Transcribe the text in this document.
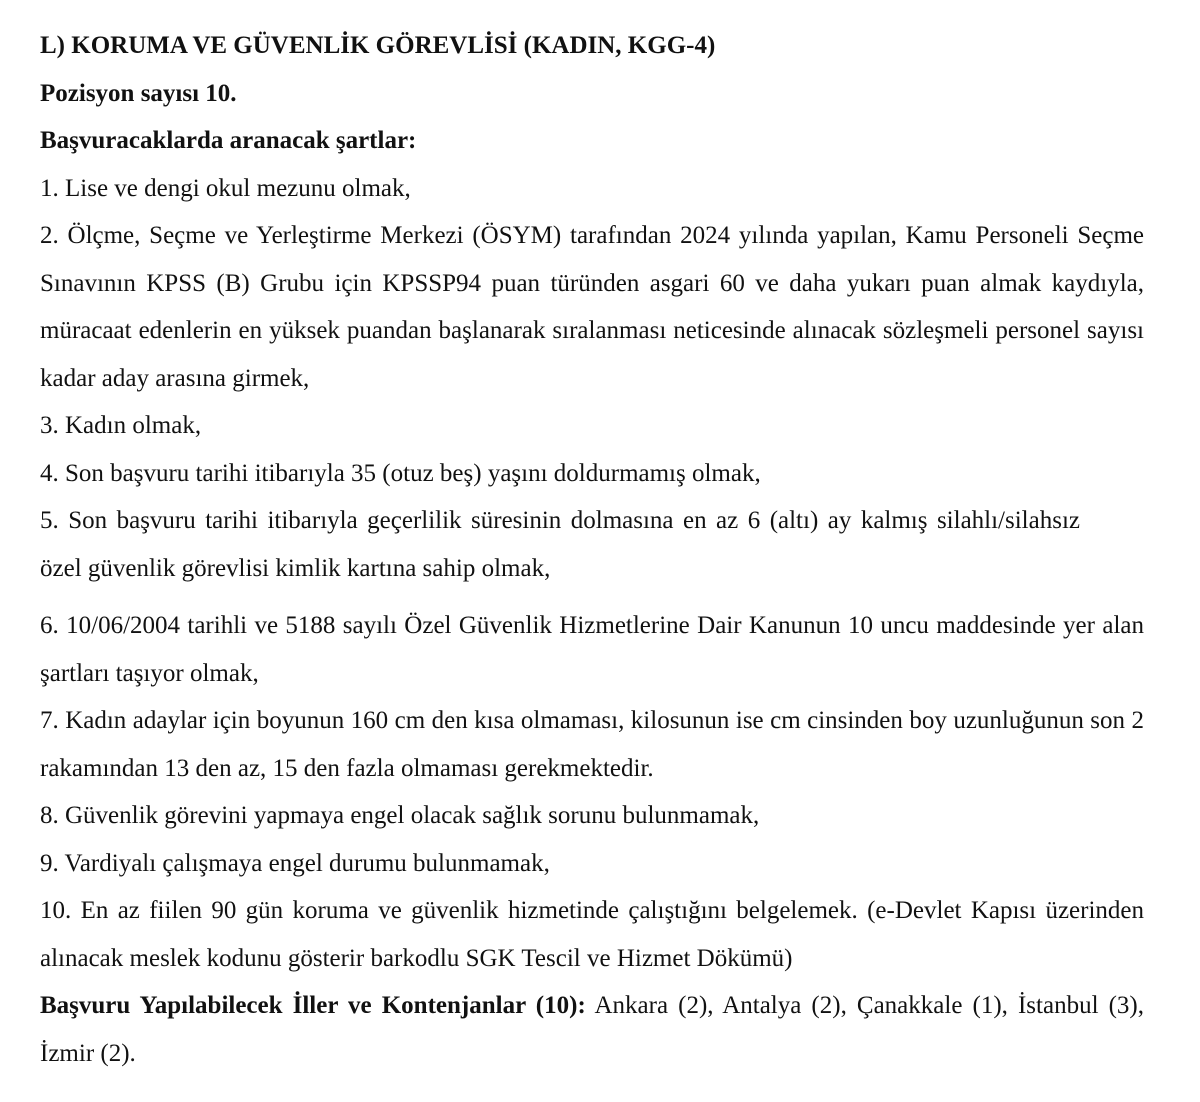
L) KORUMA VE GÜVENLİK GÖREVLİSİ (KADIN, KGG-4)

Pozisyon sayısı 10.

Başvuracaklarda aranacak şartlar:

1. Lise ve dengi okul mezunu olmak,

2. Ölçme, Seçme ve Yerleştirme Merkezi (ÖSYM) tarafından 2024 yılında yapılan, Kamu Personeli Seçme Sınavının KPSS (B) Grubu için KPSSP94 puan türünden asgari 60 ve daha yukarı puan almak kaydıyla, müracaat edenlerin en yüksek puandan başlanarak sıralanması neticesinde alınacak sözleşmeli personel sayısı kadar aday arasına girmek,

3. Kadın olmak,

4. Son başvuru tarihi itibarıyla 35 (otuz beş) yaşını doldurmamış olmak,

5. Son başvuru tarihi itibarıyla geçerlilik süresinin dolmasına en az 6 (altı) ay kalmış silahlı/silahsız özel güvenlik görevlisi kimlik kartına sahip olmak,

6. 10/06/2004 tarihli ve 5188 sayılı Özel Güvenlik Hizmetlerine Dair Kanunun 10 uncu maddesinde yer alan şartları taşıyor olmak,

7. Kadın adaylar için boyunun 160 cm den kısa olmaması, kilosunun ise cm cinsinden boy uzunluğunun son 2 rakamından 13 den az, 15 den fazla olmaması gerekmektedir.

8. Güvenlik görevini yapmaya engel olacak sağlık sorunu bulunmamak,

9. Vardiyalı çalışmaya engel durumu bulunmamak,

10. En az fiilen 90 gün koruma ve güvenlik hizmetinde çalıştığını belgelemek. (e-Devlet Kapısı üzerinden alınacak meslek kodunu gösterir barkodlu SGK Tescil ve Hizmet Dökümü)

Başvuru Yapılabilecek İller ve Kontenjanlar (10): Ankara (2), Antalya (2), Çanakkale (1), İstanbul (3), İzmir (2).
